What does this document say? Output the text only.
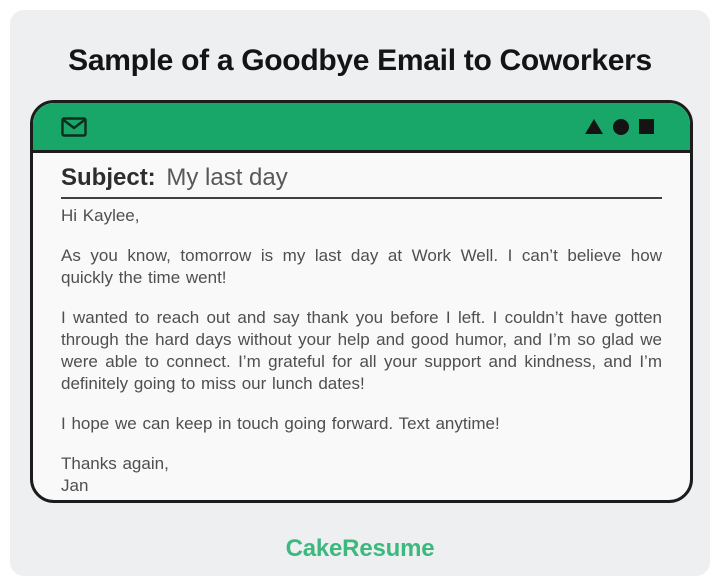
Sample of a Goodbye Email to Coworkers
Subject: My last day

Hi Kaylee,

As you know, tomorrow is my last day at Work Well. I can’t believe how quickly the time went!

I wanted to reach out and say thank you before I left. I couldn’t have gotten through the hard days without your help and good humor, and I’m so glad we were able to connect. I’m grateful for all your support and kindness, and I’m definitely going to miss our lunch dates!

I hope we can keep in touch going forward. Text anytime!

Thanks again,
Jan

CakeResume
